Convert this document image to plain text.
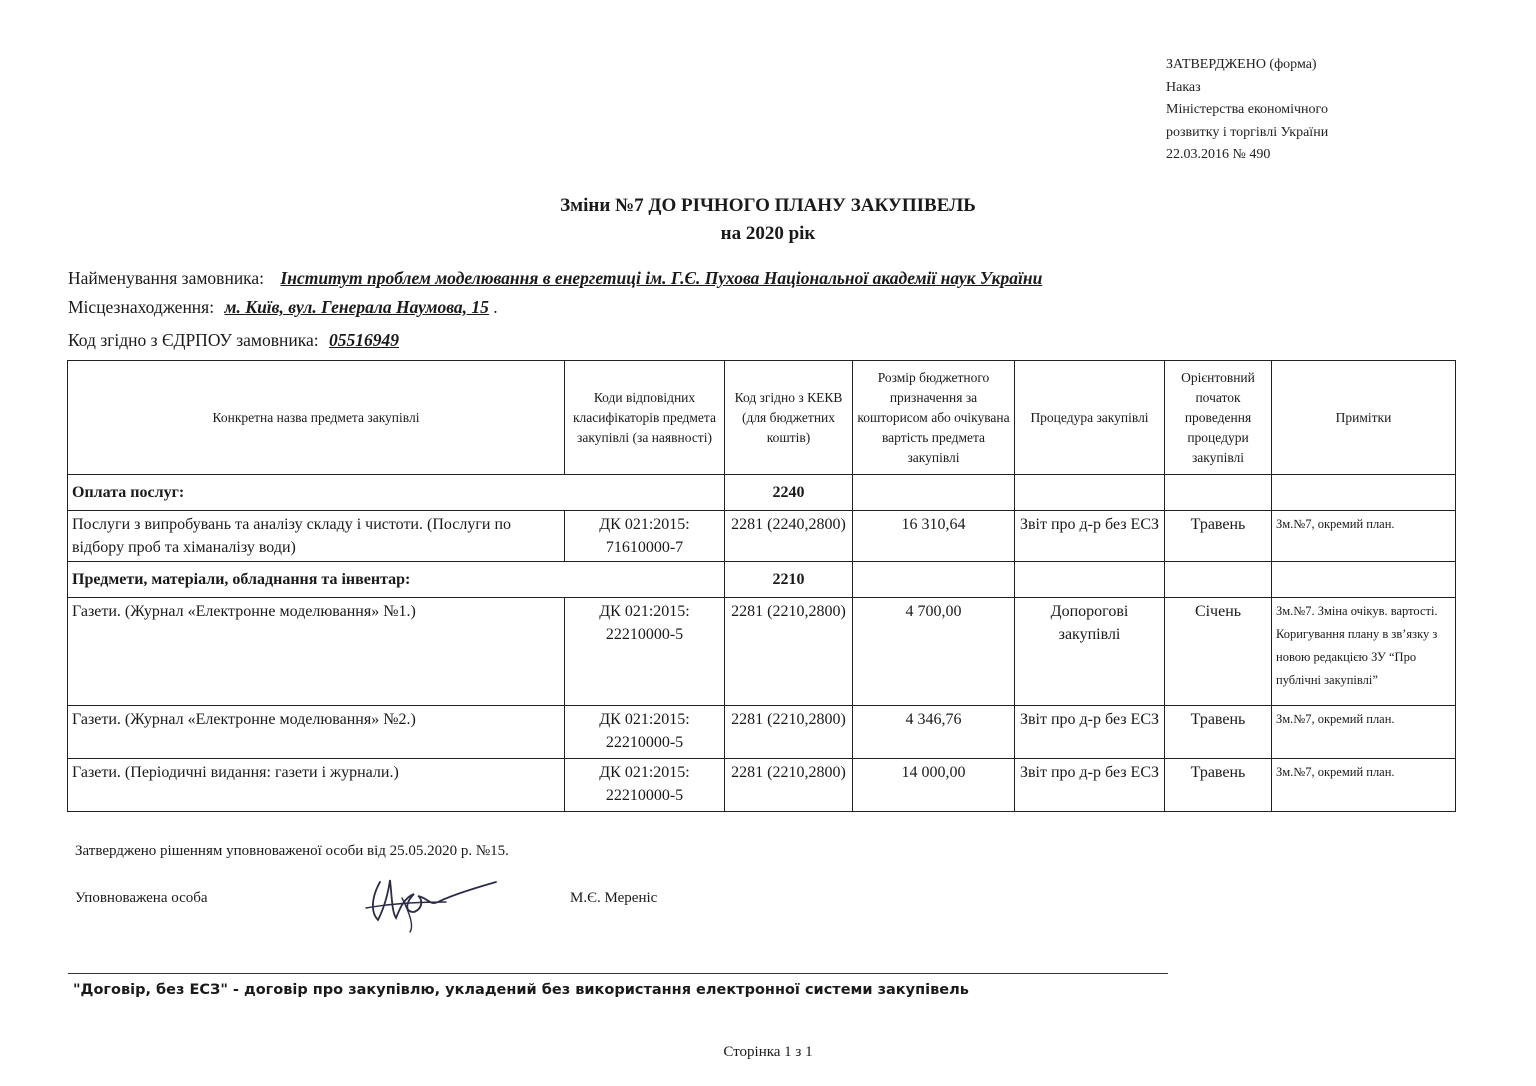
ЗАТВЕРДЖЕНО (форма)
Наказ
Міністерства економічного
розвитку і торгівлі України
22.03.2016 № 490
Зміни №7 ДО РІЧНОГО ПЛАНУ ЗАКУПІВЕЛЬ
на 2020 рік
Найменування замовника: Інститут проблем моделювання в енергетиці ім. Г.Є. Пухова Національної академії наук України
Місцезнаходження: м. Київ, вул. Генерала Наумова, 15 .
Код згідно з ЄДРПОУ замовника: 05516949
Конкретна назва предмета закупівлі	Коди відповідних класифікаторів предмета закупівлі (за наявності)	Код згідно з КЕКВ (для бюджетних коштів)	Розмір бюджетного призначення за кошторисом або очікувана вартість предмета закупівлі	Процедура закупівлі	Орієнтовний початок проведення процедури закупівлі	Примітки
Оплата послуг:		2240				
Послуги з випробувань та аналізу складу і чистоти. (Послуги по відбору проб та хіманалізу води)	ДК 021:2015: 71610000-7	2281 (2240,2800)	16 310,64	Звіт про д-р без ЕСЗ	Травень	Зм.№7, окремий план.
Предмети, матеріали, обладнання та інвентар:		2210				
Газети. (Журнал «Електронне моделювання» №1.)	ДК 021:2015: 22210000-5	2281 (2210,2800)	4 700,00	Допорогові закупівлі	Січень	Зм.№7. Зміна очікув. вартості. Коригування плану в зв’язку з новою редакцією ЗУ “Про публічні закупівлі”
Газети. (Журнал «Електронне моделювання» №2.)	ДК 021:2015: 22210000-5	2281 (2210,2800)	4 346,76	Звіт про д-р без ЕСЗ	Травень	Зм.№7, окремий план.
Газети. (Періодичні видання: газети і журнали.)	ДК 021:2015: 22210000-5	2281 (2210,2800)	14 000,00	Звіт про д-р без ЕСЗ	Травень	Зм.№7, окремий план.
Затверджено рішенням уповноваженої особи від 25.05.2020 р. №15.
Уповноважена особа	М.Є. Мереніс
"Договір, без ЕСЗ" - договір про закупівлю, укладений без використання електронної системи закупівель
Сторінка 1 з 1
